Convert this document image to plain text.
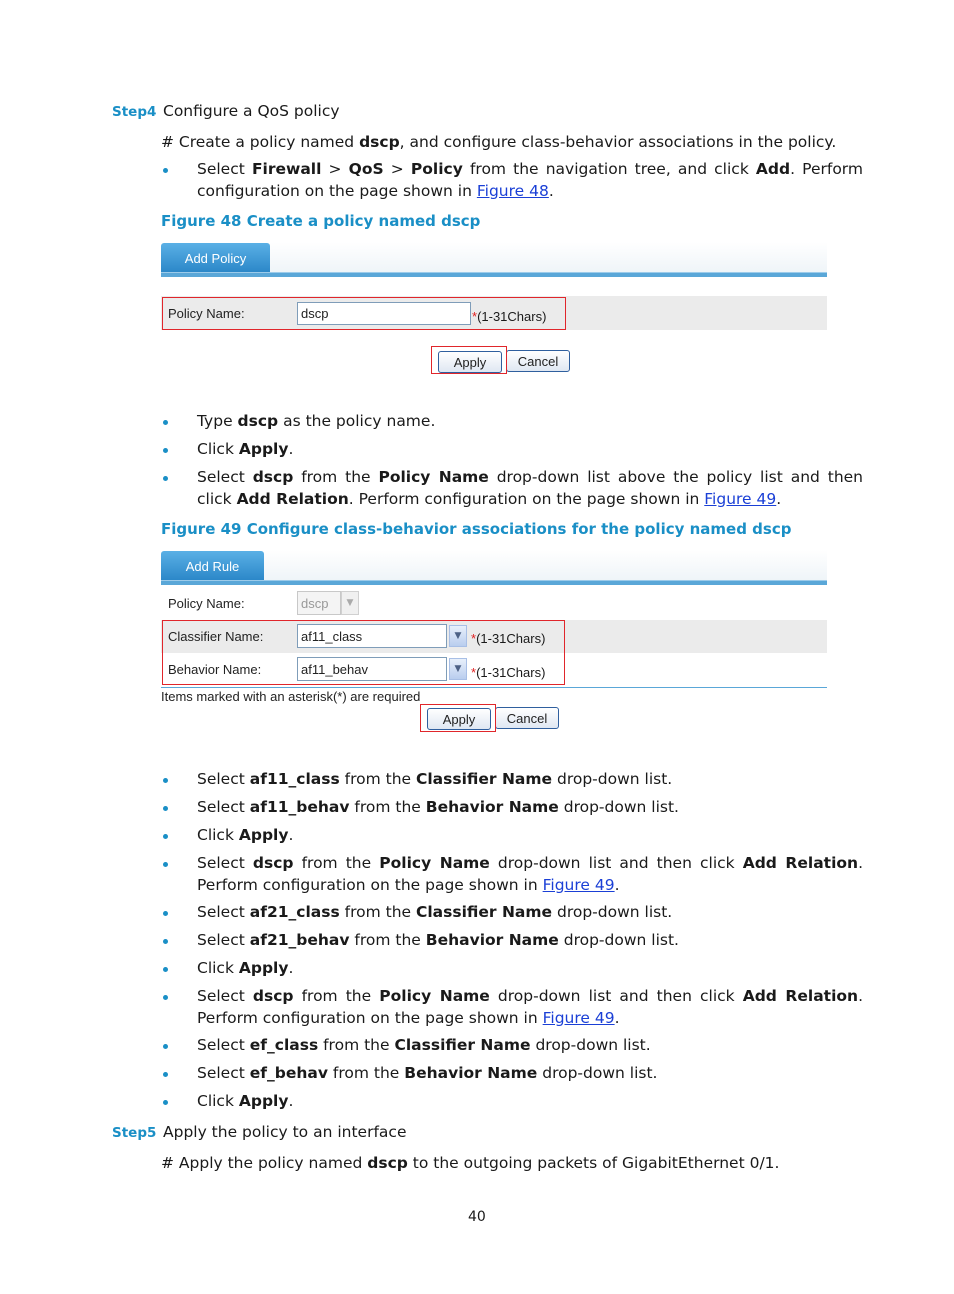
Step4 Configure a QoS policy
# Create a policy named dscp, and configure class-behavior associations in the policy.
Select Firewall > QoS > Policy from the navigation tree, and click Add. Perform configuration on the page shown in Figure 48.
Figure 48 Create a policy named dscp
Add Policy
Policy Name:	dscp	*(1-31Chars)
Apply	Cancel
Type dscp as the policy name.
Click Apply.
Select dscp from the Policy Name drop-down list above the policy list and then click Add Relation. Perform configuration on the page shown in Figure 49.
Figure 49 Configure class-behavior associations for the policy named dscp
Add Rule
Policy Name:	dscp	▼
Classifier Name:	af11_class	▼ *(1-31Chars)
Behavior Name:	af11_behav	▼ *(1-31Chars)
Items marked with an asterisk(*) are required
Apply	Cancel
Select af11_class from the Classifier Name drop-down list.
Select af11_behav from the Behavior Name drop-down list.
Click Apply.
Select dscp from the Policy Name drop-down list and then click Add Relation. Perform configuration on the page shown in Figure 49.
Select af21_class from the Classifier Name drop-down list.
Select af21_behav from the Behavior Name drop-down list.
Click Apply.
Select dscp from the Policy Name drop-down list and then click Add Relation. Perform configuration on the page shown in Figure 49.
Select ef_class from the Classifier Name drop-down list.
Select ef_behav from the Behavior Name drop-down list.
Click Apply.
Step5 Apply the policy to an interface
# Apply the policy named dscp to the outgoing packets of GigabitEthernet 0/1.
40
